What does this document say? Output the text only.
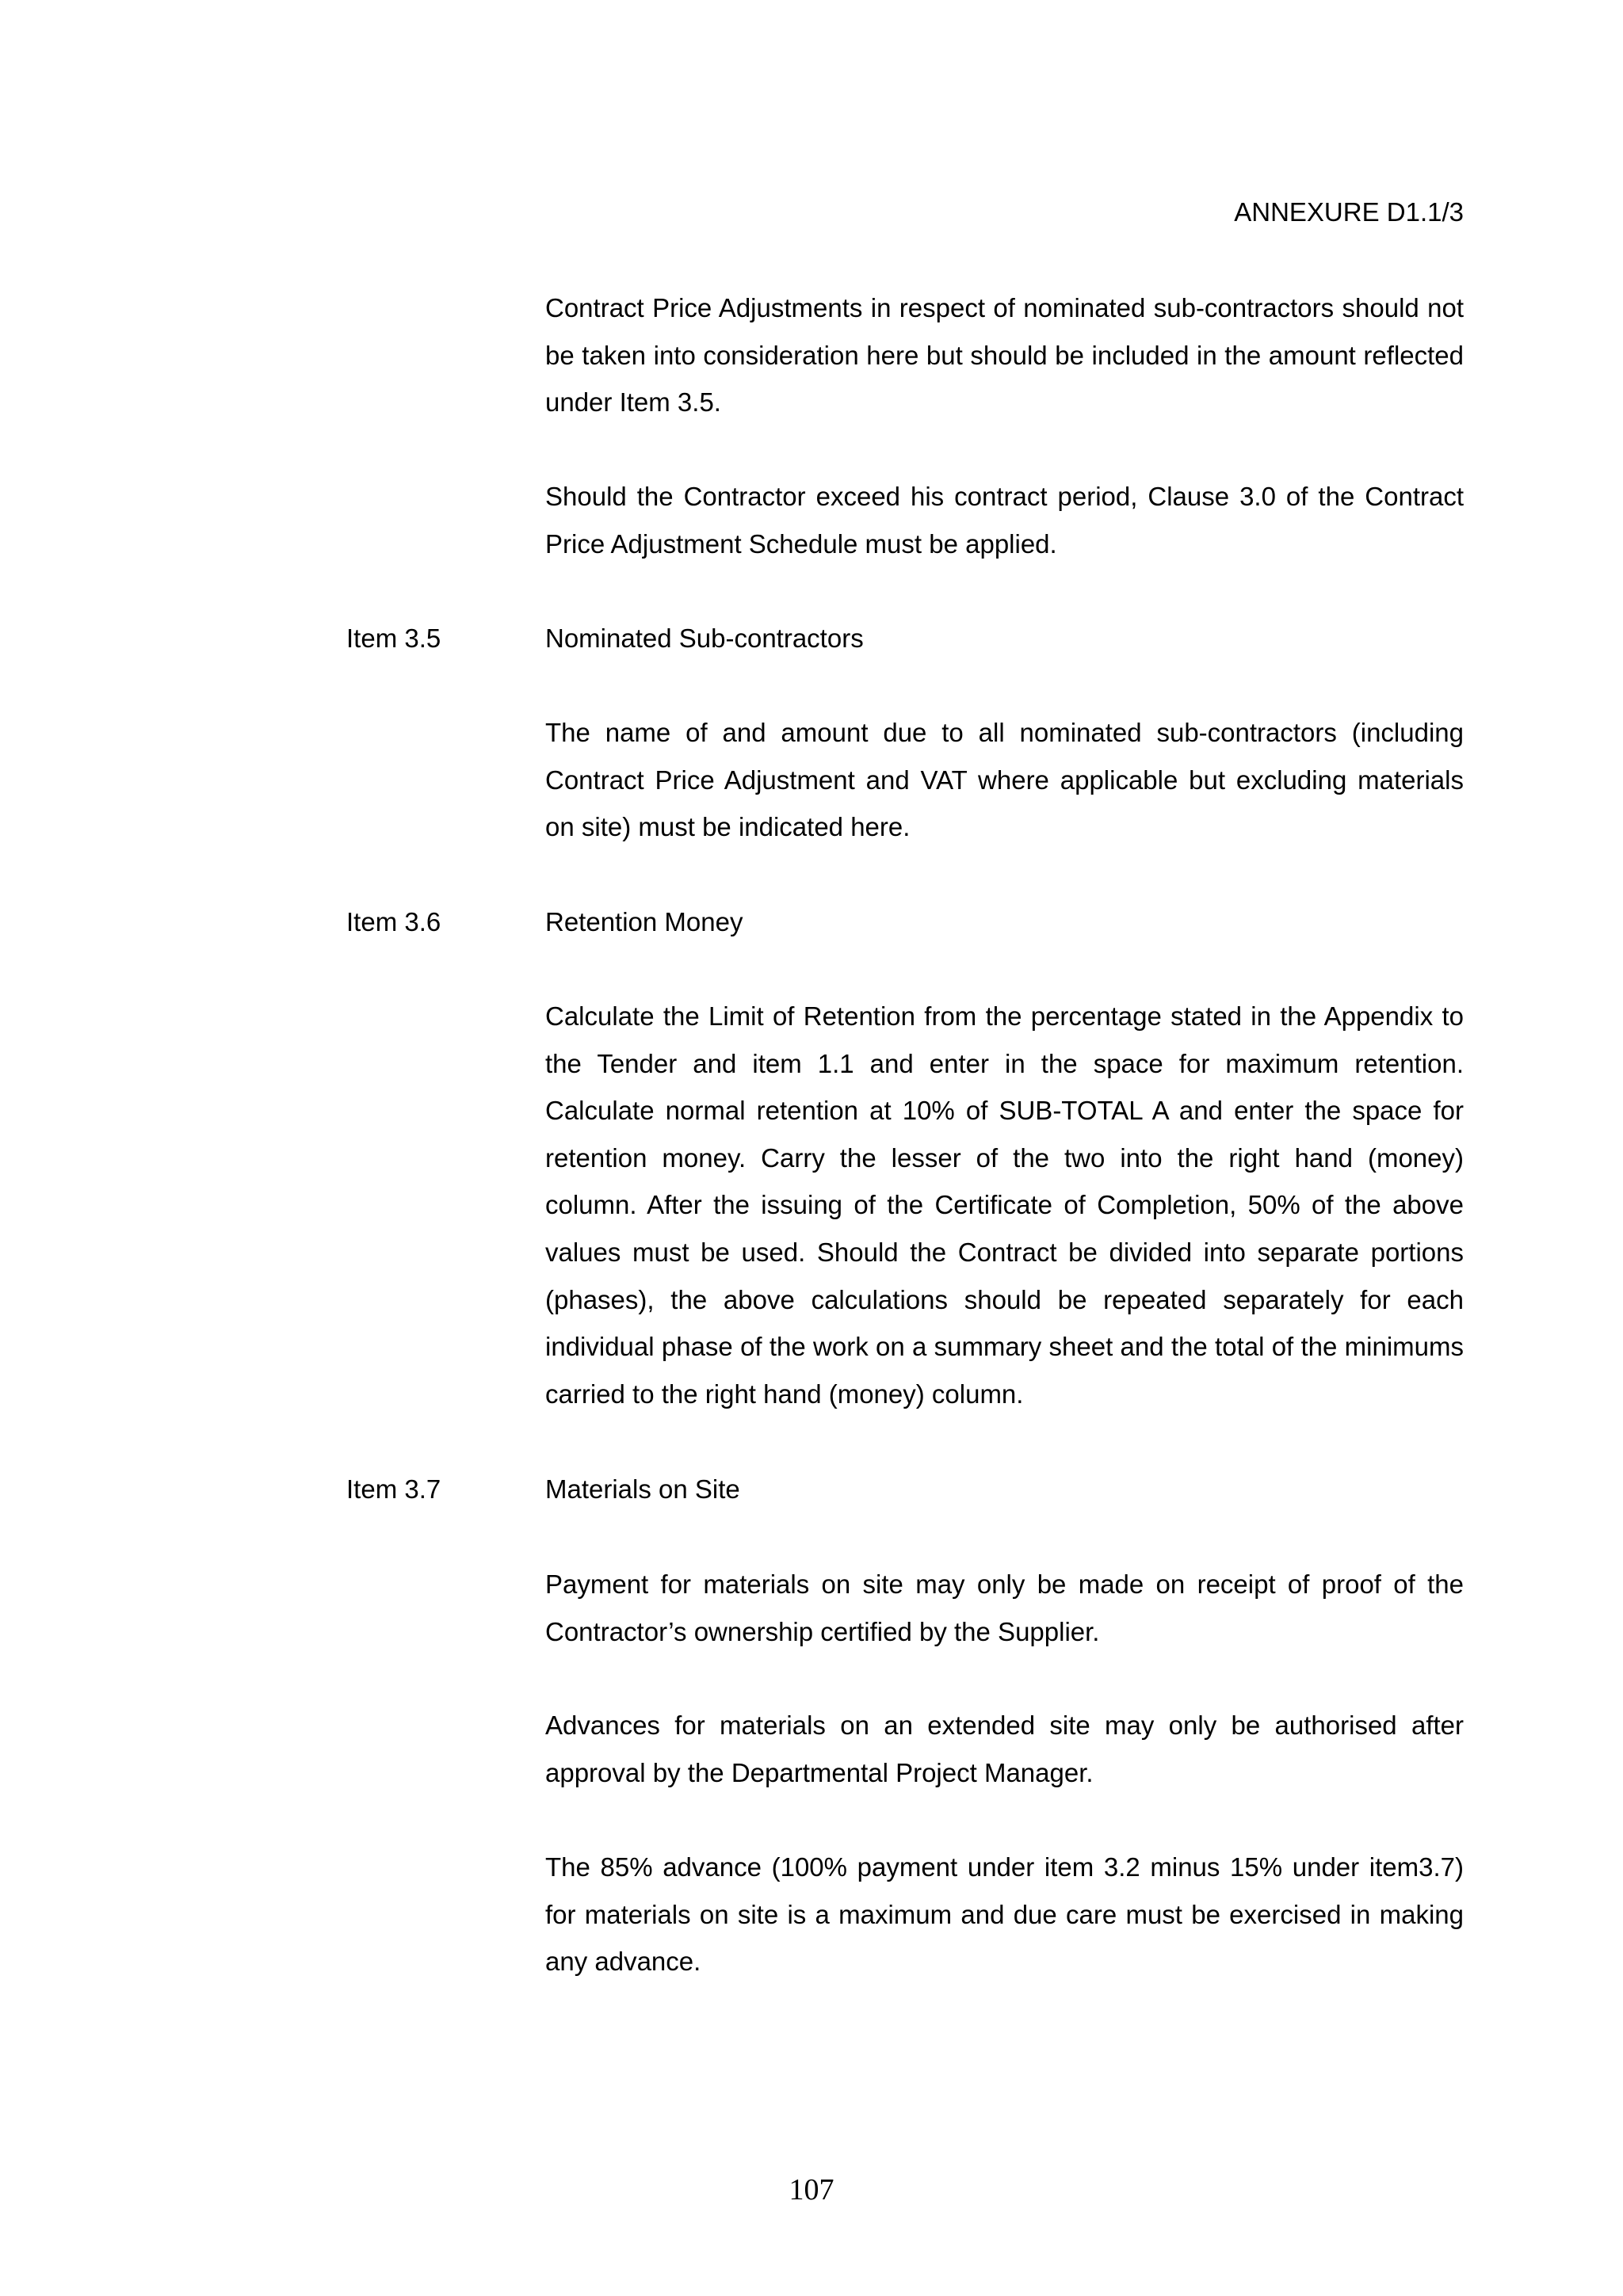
ANNEXURE D1.1/3

Contract Price Adjustments in respect of nominated sub-contractors should not be taken into consideration here but should be included in the amount reflected under Item 3.5.

Should the Contractor exceed his contract period, Clause 3.0 of the Contract Price Adjustment Schedule must be applied.

Item 3.5	Nominated Sub-contractors

The name of and amount due to all nominated sub-contractors (including Contract Price Adjustment and VAT where applicable but excluding materials on site) must be indicated here.

Item 3.6	Retention Money

Calculate the Limit of Retention from the percentage stated in the Appendix to the Tender and item 1.1 and enter in the space for maximum retention. Calculate normal retention at 10% of SUB-TOTAL A and enter the space for retention money. Carry the lesser of the two into the right hand (money) column. After the issuing of the Certificate of Completion, 50% of the above values must be used. Should the Contract be divided into separate portions (phases), the above calculations should be repeated separately for each individual phase of the work on a summary sheet and the total of the minimums carried to the right hand (money) column.

Item 3.7	Materials on Site

Payment for materials on site may only be made on receipt of proof of the Contractor’s ownership certified by the Supplier.

Advances for materials on an extended site may only be authorised after approval by the Departmental Project Manager.

The 85% advance (100% payment under item 3.2 minus 15% under item3.7) for materials on site is a maximum and due care must be exercised in making any advance.

107
